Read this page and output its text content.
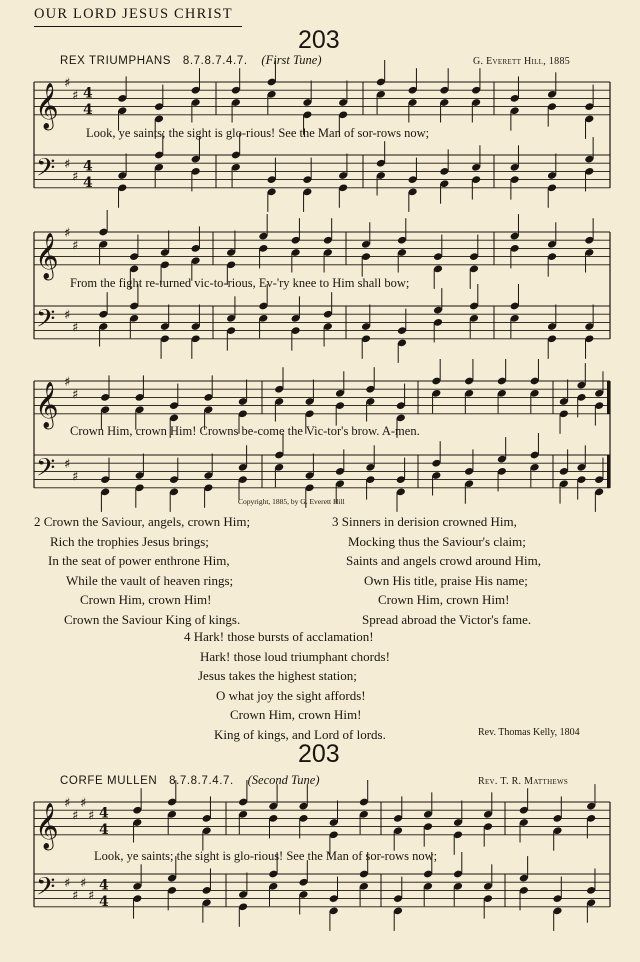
OUR LORD JESUS CHRIST
203
REX TRIUMPHANS 8.7.8.7.4.7. (First Tune)	G. Everett Hill, 1885
𝄞 ♯
♯ 4
4
𝄢 ♯
♯
4
4
𝄞 ♯
♯
𝄢 ♯
♯
𝄞 ♯
♯
𝄢 ♯
♯
𝄞 ♯
♯
♯
♯ 4
4
𝄢 ♯
♯
♯
♯
4
4
Look, ye saints; the sight is glo-rious! See the Man of sor-rows now;
From the fight re-turned vic-to-rious, Ev-'ry knee to Him shall bow;
Crown Him, crown Him! Crowns be-come the Vic-tor's brow. A-men.
Copyright, 1885, by G. Everett Hill
2 Crown the Saviour, angels, crown Him;
Rich the trophies Jesus brings;
In the seat of power enthrone Him,
While the vault of heaven rings;
Crown Him, crown Him!
Crown the Saviour King of kings.
3 Sinners in derision crowned Him,
Mocking thus the Saviour's claim;
Saints and angels crowd around Him,
Own His title, praise His name;
Crown Him, crown Him!
Spread abroad the Victor's fame.
4 Hark! those bursts of acclamation!
Hark! those loud triumphant chords!
Jesus takes the highest station;
O what joy the sight affords!
Crown Him, crown Him!
King of kings, and Lord of lords.	Rev. Thomas Kelly, 1804
203
CORFE MULLEN 8.7.8.7.4.7. (Second Tune)	Rev. T. R. Matthews
Look, ye saints; the sight is glo-rious! See the Man of sor-rows now;
